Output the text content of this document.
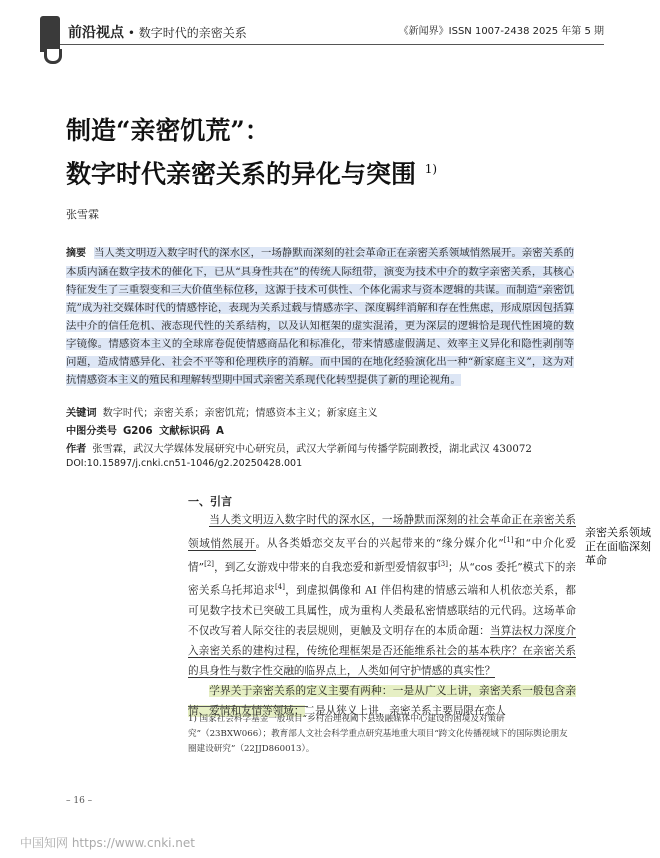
前沿视点 • 数字时代的亲密关系	《新闻界》ISSN 1007-2438 2025 年第 5 期
制造“亲密饥荒”：
数字时代亲密关系的异化与突围 $^{1)}$
张雪霖
摘要 当人类文明迈入数字时代的深水区，一场静默而深刻的社会革命正在亲密关系领域悄然展开。亲密关系的本质内涵在数字技术的催化下，已从“具身性共在”的传统人际纽带，演变为技术中介的数字亲密关系，其核心特征发生了三重裂变和三大价值坐标位移，这源于技术可供性、个体化需求与资本逻辑的共谋。而制造“亲密饥荒”成为社交媒体时代的情感悖论，表现为关系过载与情感赤字、深度羁绊消解和存在性焦虑，形成原因包括算法中介的信任危机、液态现代性的关系结构，以及认知框架的虚实混淆，更为深层的逻辑恰是现代性困境的数字镜像。情感资本主义的全球席卷促使情感商品化和标准化，带来情感虚假满足、效率主义异化和隐性剥削等问题，造成情感异化、社会不平等和伦理秩序的消解。而中国的在地化经验演化出一种“新家庭主义”，这为对抗情感资本主义的殖民和理解转型期中国式亲密关系现代化转型提供了新的理论视角。
关键词 数字时代；亲密关系；亲密饥荒；情感资本主义；新家庭主义
中图分类号 G206 文献标识码 A
作者 张雪霖，武汉大学媒体发展研究中心研究员，武汉大学新闻与传播学院副教授，湖北武汉 430072
DOI:10.15897/j.cnki.cn51-1046/g2.20250428.001
一、引言

当人类文明迈入数字时代的深水区，一场静默而深刻的社会革命正在亲密关系领域悄然展开。从各类婚恋交友平台的兴起带来的“缘分媒介化”[1]和“中介化爱情”[2]，到乙女游戏中带来的自我恋爱和新型爱情叙事[3]；从“cos 委托”模式下的亲密关系乌托邦追求[4]，到虚拟偶像和 AI 伴侣构建的情感云端和人机依恋关系，都可见数字技术已突破工具属性，成为重构人类最私密情感联结的元代码。这场革命不仅改写着人际交往的表层规则，更触及文明存在的本质命题：当算法权力深度介入亲密关系的建构过程，传统伦理框架是否还能维系社会的基本秩序？在亲密关系的具身性与数字性交融的临界点上，人类如何守护情感的真实性？

学界关于亲密关系的定义主要有两种：一是从广义上讲，亲密关系一般包含亲情、爱情和友情等领域；二是从狭义上讲，亲密关系主要局限在恋人

亲密关系领域正在面临深刻革命
1) 国家社会科学基金一般项目“乡村治理视阈下县级融媒体中心建设的困境及对策研究”（23BXW066）；教育部人文社会科学重点研究基地重大项目“跨文化传播视域下的国际舆论朋友圈建设研究”（22JJD860013）。
– 16 –
中国知网 https://www.cnki.net
